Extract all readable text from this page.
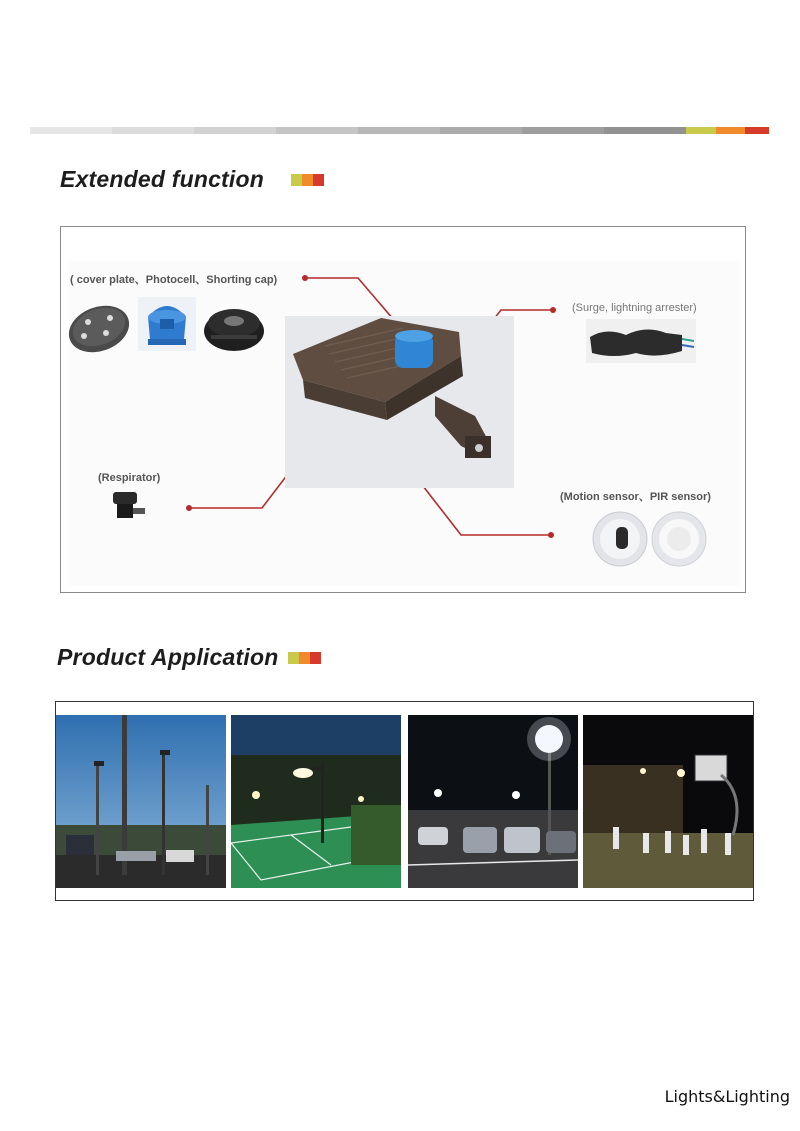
Extended function
( cover plate、Photocell、Shorting cap)
(Surge, lightning arrester)
(Respirator)
(Motion sensor、PIR sensor)
Product Application
Lights&Lighting
